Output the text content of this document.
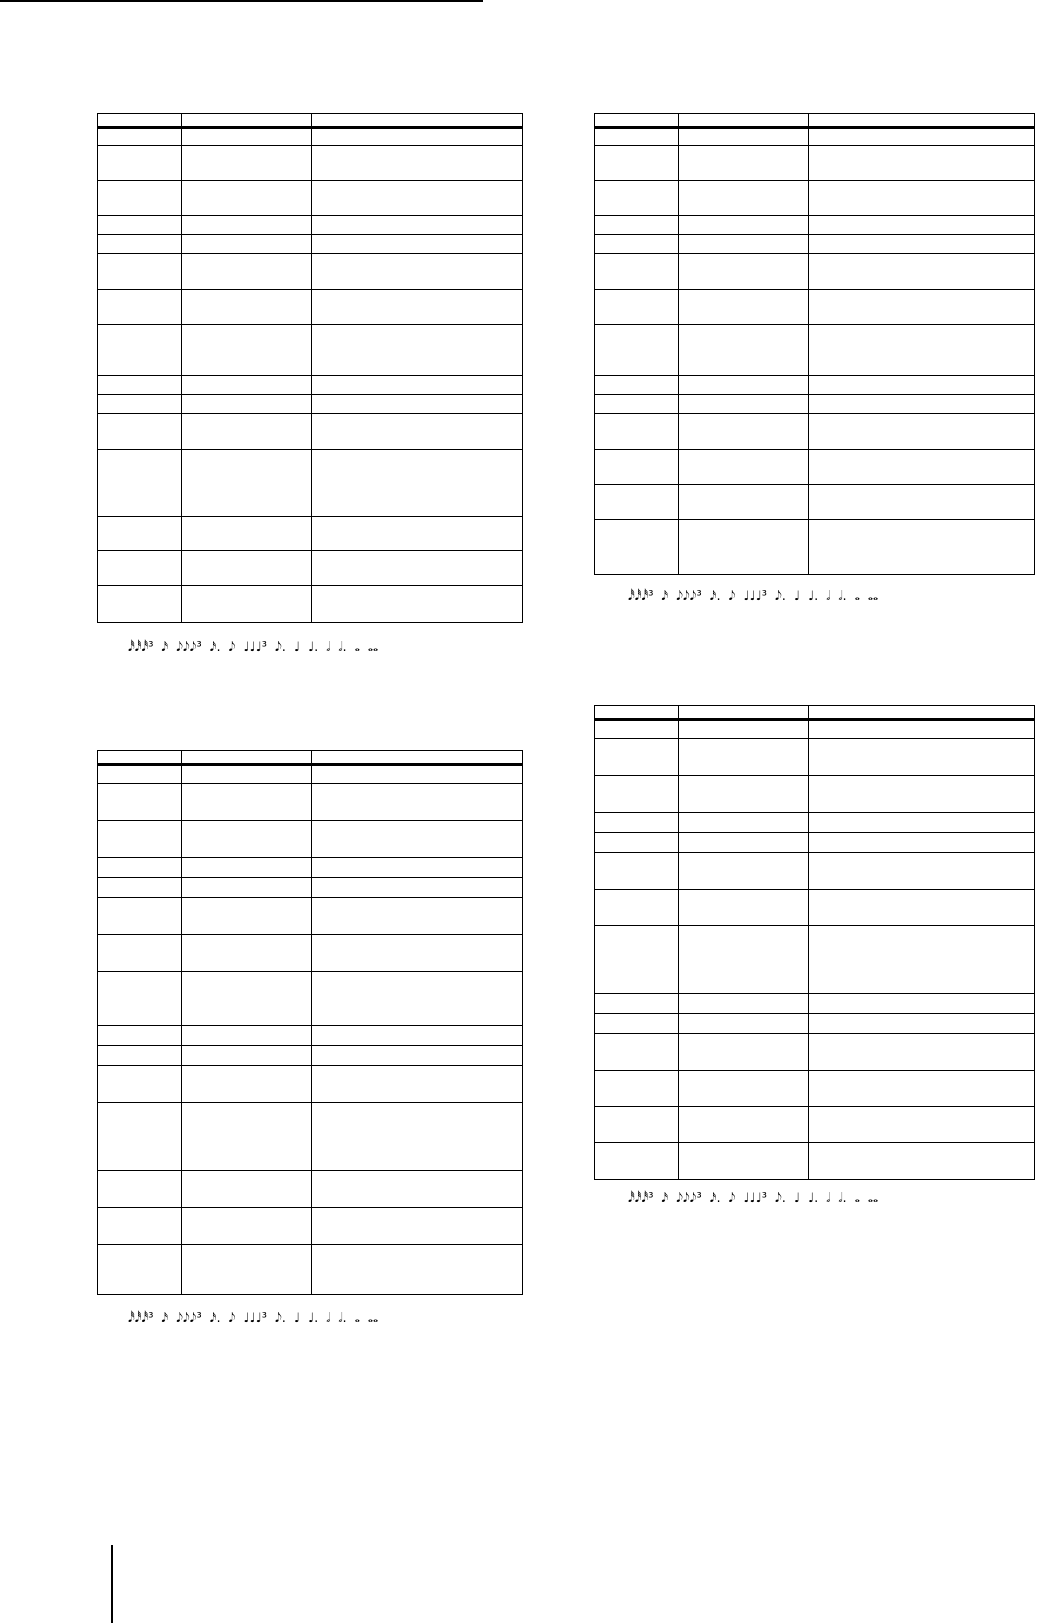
𝅘𝅥𝅰𝅘𝅥𝅰𝅘𝅥𝅰³ 𝅘𝅥𝅯 𝅘𝅥𝅮𝅘𝅥𝅮𝅘𝅥𝅮³ 𝅘𝅥𝅯. 𝅘𝅥𝅮 ♩♩♩³ 𝅘𝅥𝅮. ♩ ♩. 𝅗𝅥 𝅗𝅥. 𝅝 𝅝𝅝
𝅘𝅥𝅰𝅘𝅥𝅰𝅘𝅥𝅰³ 𝅘𝅥𝅯 𝅘𝅥𝅮𝅘𝅥𝅮𝅘𝅥𝅮³ 𝅘𝅥𝅯. 𝅘𝅥𝅮 ♩♩♩³ 𝅘𝅥𝅮. ♩ ♩. 𝅗𝅥 𝅗𝅥. 𝅝 𝅝𝅝
𝅘𝅥𝅰𝅘𝅥𝅰𝅘𝅥𝅰³ 𝅘𝅥𝅯 𝅘𝅥𝅮𝅘𝅥𝅮𝅘𝅥𝅮³ 𝅘𝅥𝅯. 𝅘𝅥𝅮 ♩♩♩³ 𝅘𝅥𝅮. ♩ ♩. 𝅗𝅥 𝅗𝅥. 𝅝 𝅝𝅝
𝅘𝅥𝅰𝅘𝅥𝅰𝅘𝅥𝅰³ 𝅘𝅥𝅯 𝅘𝅥𝅮𝅘𝅥𝅮𝅘𝅥𝅮³ 𝅘𝅥𝅯. 𝅘𝅥𝅮 ♩♩♩³ 𝅘𝅥𝅮. ♩ ♩. 𝅗𝅥 𝅗𝅥. 𝅝 𝅝𝅝
